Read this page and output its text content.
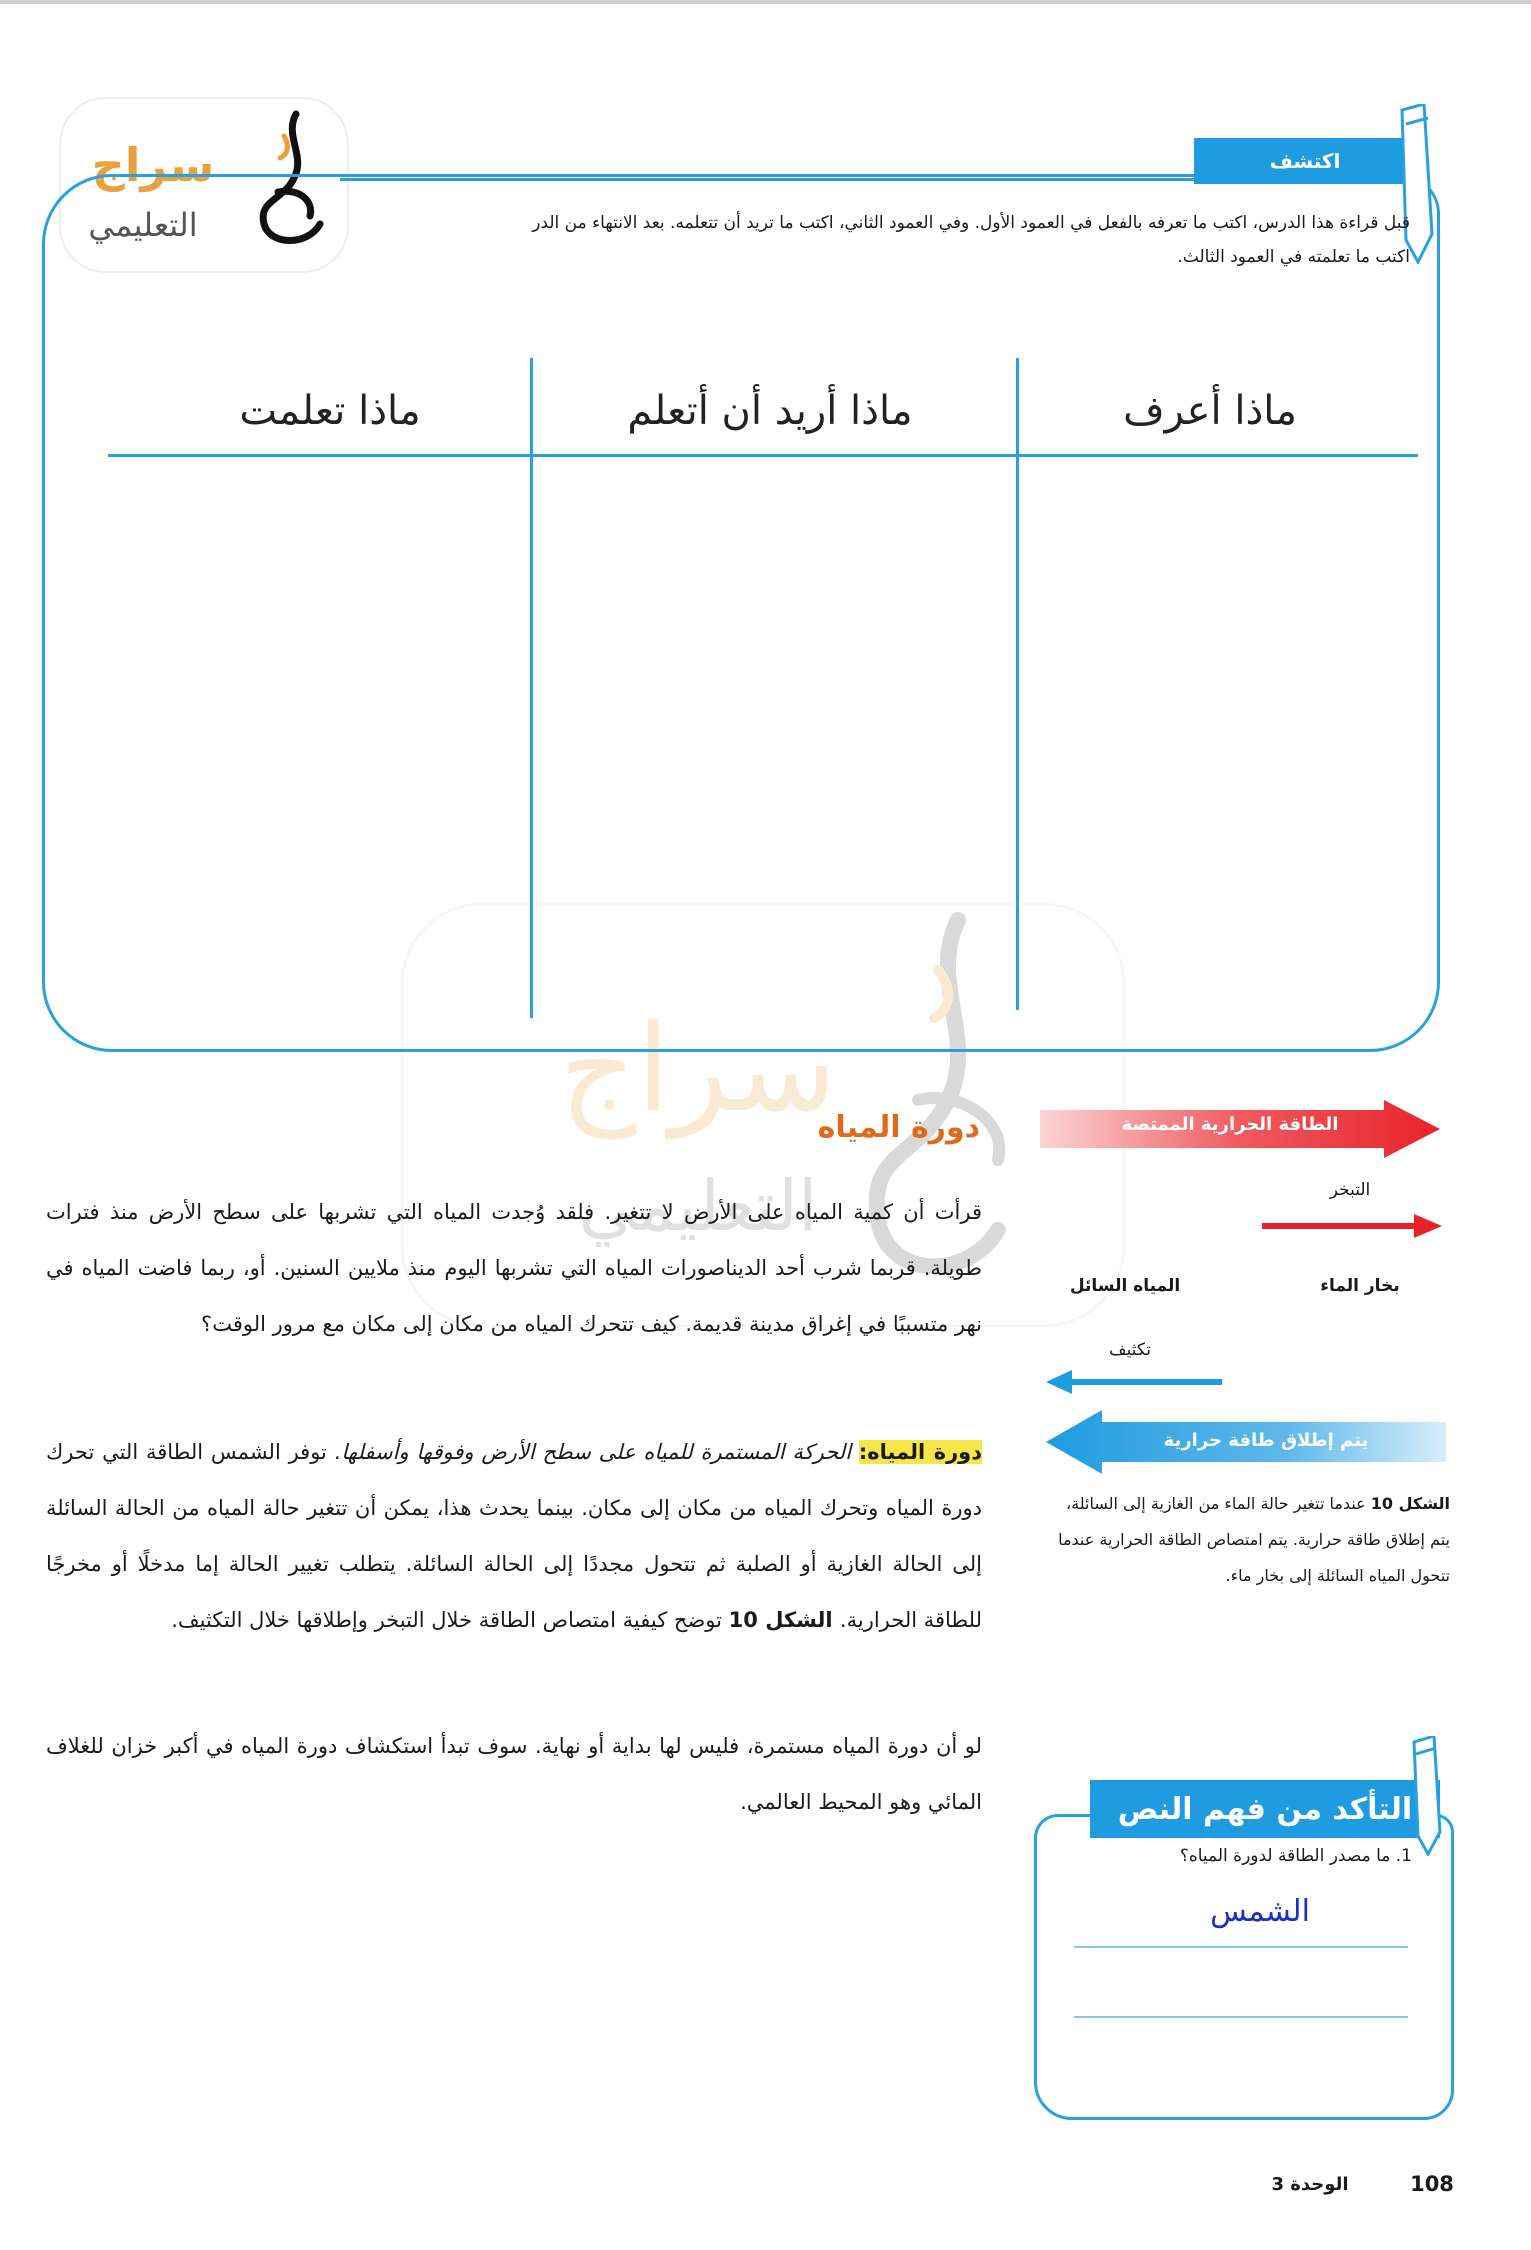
سراج
التعليمي
سراج
التعليمي
اكتشف
قبل قراءة هذا الدرس، اكتب ما تعرفه بالفعل في العمود الأول. وفي العمود الثاني، اكتب ما تريد أن تتعلمه. بعد الانتهاء من الدر
اكتب ما تعلمته في العمود الثالث.
ماذا أعرف
ماذا أريد أن أتعلم
ماذا تعلمت
الطاقة الحرارية الممتصة
التبخر
بخار الماء
المياه السائل
تكثيف
يتم إطلاق طاقة حرارية
الشكل 10 عندما تتغير حالة الماء من الغازية إلى السائلة، يتم إطلاق طاقة حرارية. يتم امتصاص الطاقة الحرارية عندما تتحول المياه السائلة إلى بخار ماء.
دورة المياه
قرأت أن كمية المياه على الأرض لا تتغير. فلقد وُجدت المياه التي تشربها على سطح الأرض منذ فترات طويلة. قربما شرب أحد الديناصورات المياه التي تشربها اليوم منذ ملايين السنين. أو، ربما فاضت المياه في نهر متسببًا في إغراق مدينة قديمة. كيف تتحرك المياه من مكان إلى مكان مع مرور الوقت؟
دورة المياه: الحركة المستمرة للمياه على سطح الأرض وفوقها وأسفلها. توفر الشمس الطاقة التي تحرك دورة المياه وتحرك المياه من مكان إلى مكان. بينما يحدث هذا، يمكن أن تتغير حالة المياه من الحالة السائلة إلى الحالة الغازية أو الصلبة ثم تتحول مجددًا إلى الحالة السائلة. يتطلب تغيير الحالة إما مدخلًا أو مخرجًا للطاقة الحرارية. الشكل 10 توضح كيفية امتصاص الطاقة خلال التبخر وإطلاقها خلال التكثيف.
لو أن دورة المياه مستمرة، فليس لها بداية أو نهاية. سوف تبدأ استكشاف دورة المياه في أكبر خزان للغلاف المائي وهو المحيط العالمي.	التأكد من فهم النص
1. ما مصدر الطاقة لدورة المياه؟
الشمس
108
الوحدة 3
